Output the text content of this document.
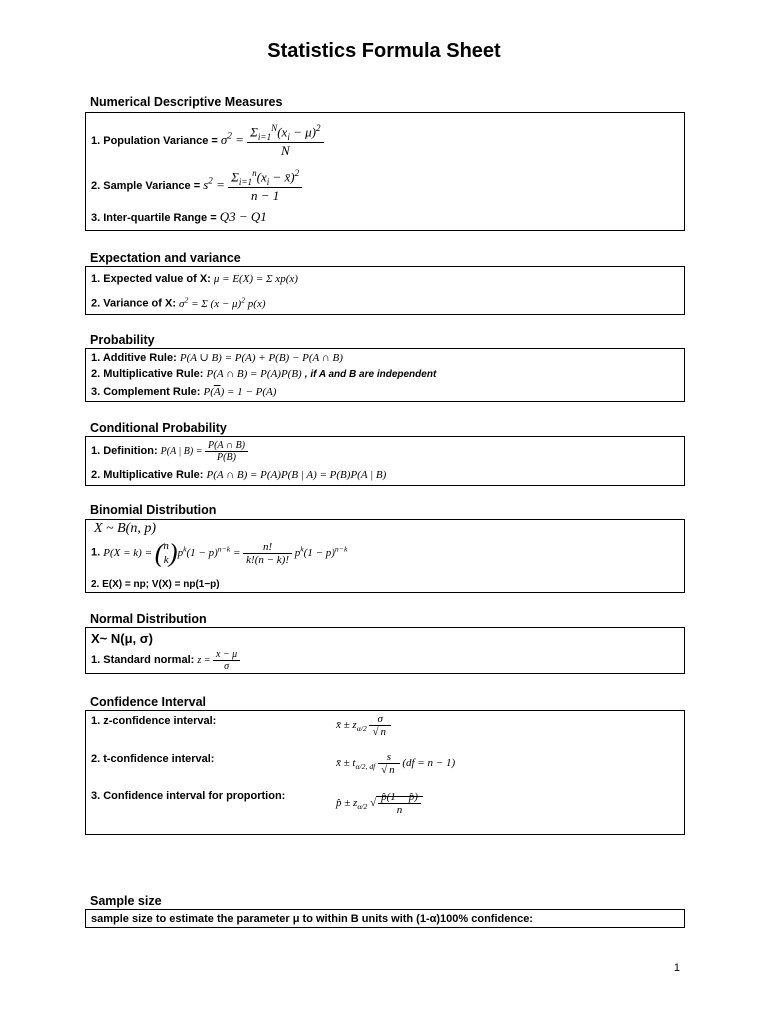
Statistics Formula Sheet
Numerical Descriptive Measures
1. Population Variance = $\sigma^2 = \frac{\Sigma_{i=1}^N(x_i - \mu)^2}{N}$
2. Sample Variance = $s^2 = \frac{\Sigma_{i=1}^n(x_i - x̄)^2}{n - 1}$
3. Inter-quartile Range = Q3 − Q1
Expectation and variance
1. Expected value of X: μ = E(X) = Σ xp(x)
2. Variance of X: $\sigma^2 = \Sigma$ $(x - \mu)^2$ p(x)
Probability
1. Additive Rule: P(A ∪ B) = P(A) + P(B) − P(A ∩ B)
2. Multiplicative Rule: P(A ∩ B) = P(A)P(B) , if A and B are independent
3. Complement Rule: $P(\overline{A}) = 1 - P(A)$
Conditional Probability
1. Definition: P(A | $B) = \frac{P(A \cap B)}{P(B)}$
2. Multiplicative Rule: P(A ∩ B) = P(A)P(B | A) = P(B)P(A | B)
Binomial Distribution
X ~ B(n, p)
1. P(X = k) = (n
$k)p^k(1 - p)^{n-k} = \frac{n!}{k!(n - k)!} p^k(1 - p)^{n-k}$
2. E(X) = np; V(X) = np(1−p)
Normal Distribution
X~ N(μ, σ)
1. Standard normal: $z = \frac{x - \mu}{\sigma}$
Confidence Interval
1. z-confidence interval:	x̄ ± $z_{\alpha/2} \frac{\sigma}{√ n}$
2. t-confidence interval:	x̄ ± $t_{\alpha/2, df} \frac{s}{√ n} (df = n - 1)$
3. Confidence interval for proportion:
p̂ ± $z_{\alpha/2}$ √ $\frac{p̂(1 - p̂)}{n}$
Sample size
sample size to estimate the parameter μ to within B units with (1-α)100% confidence:
1
